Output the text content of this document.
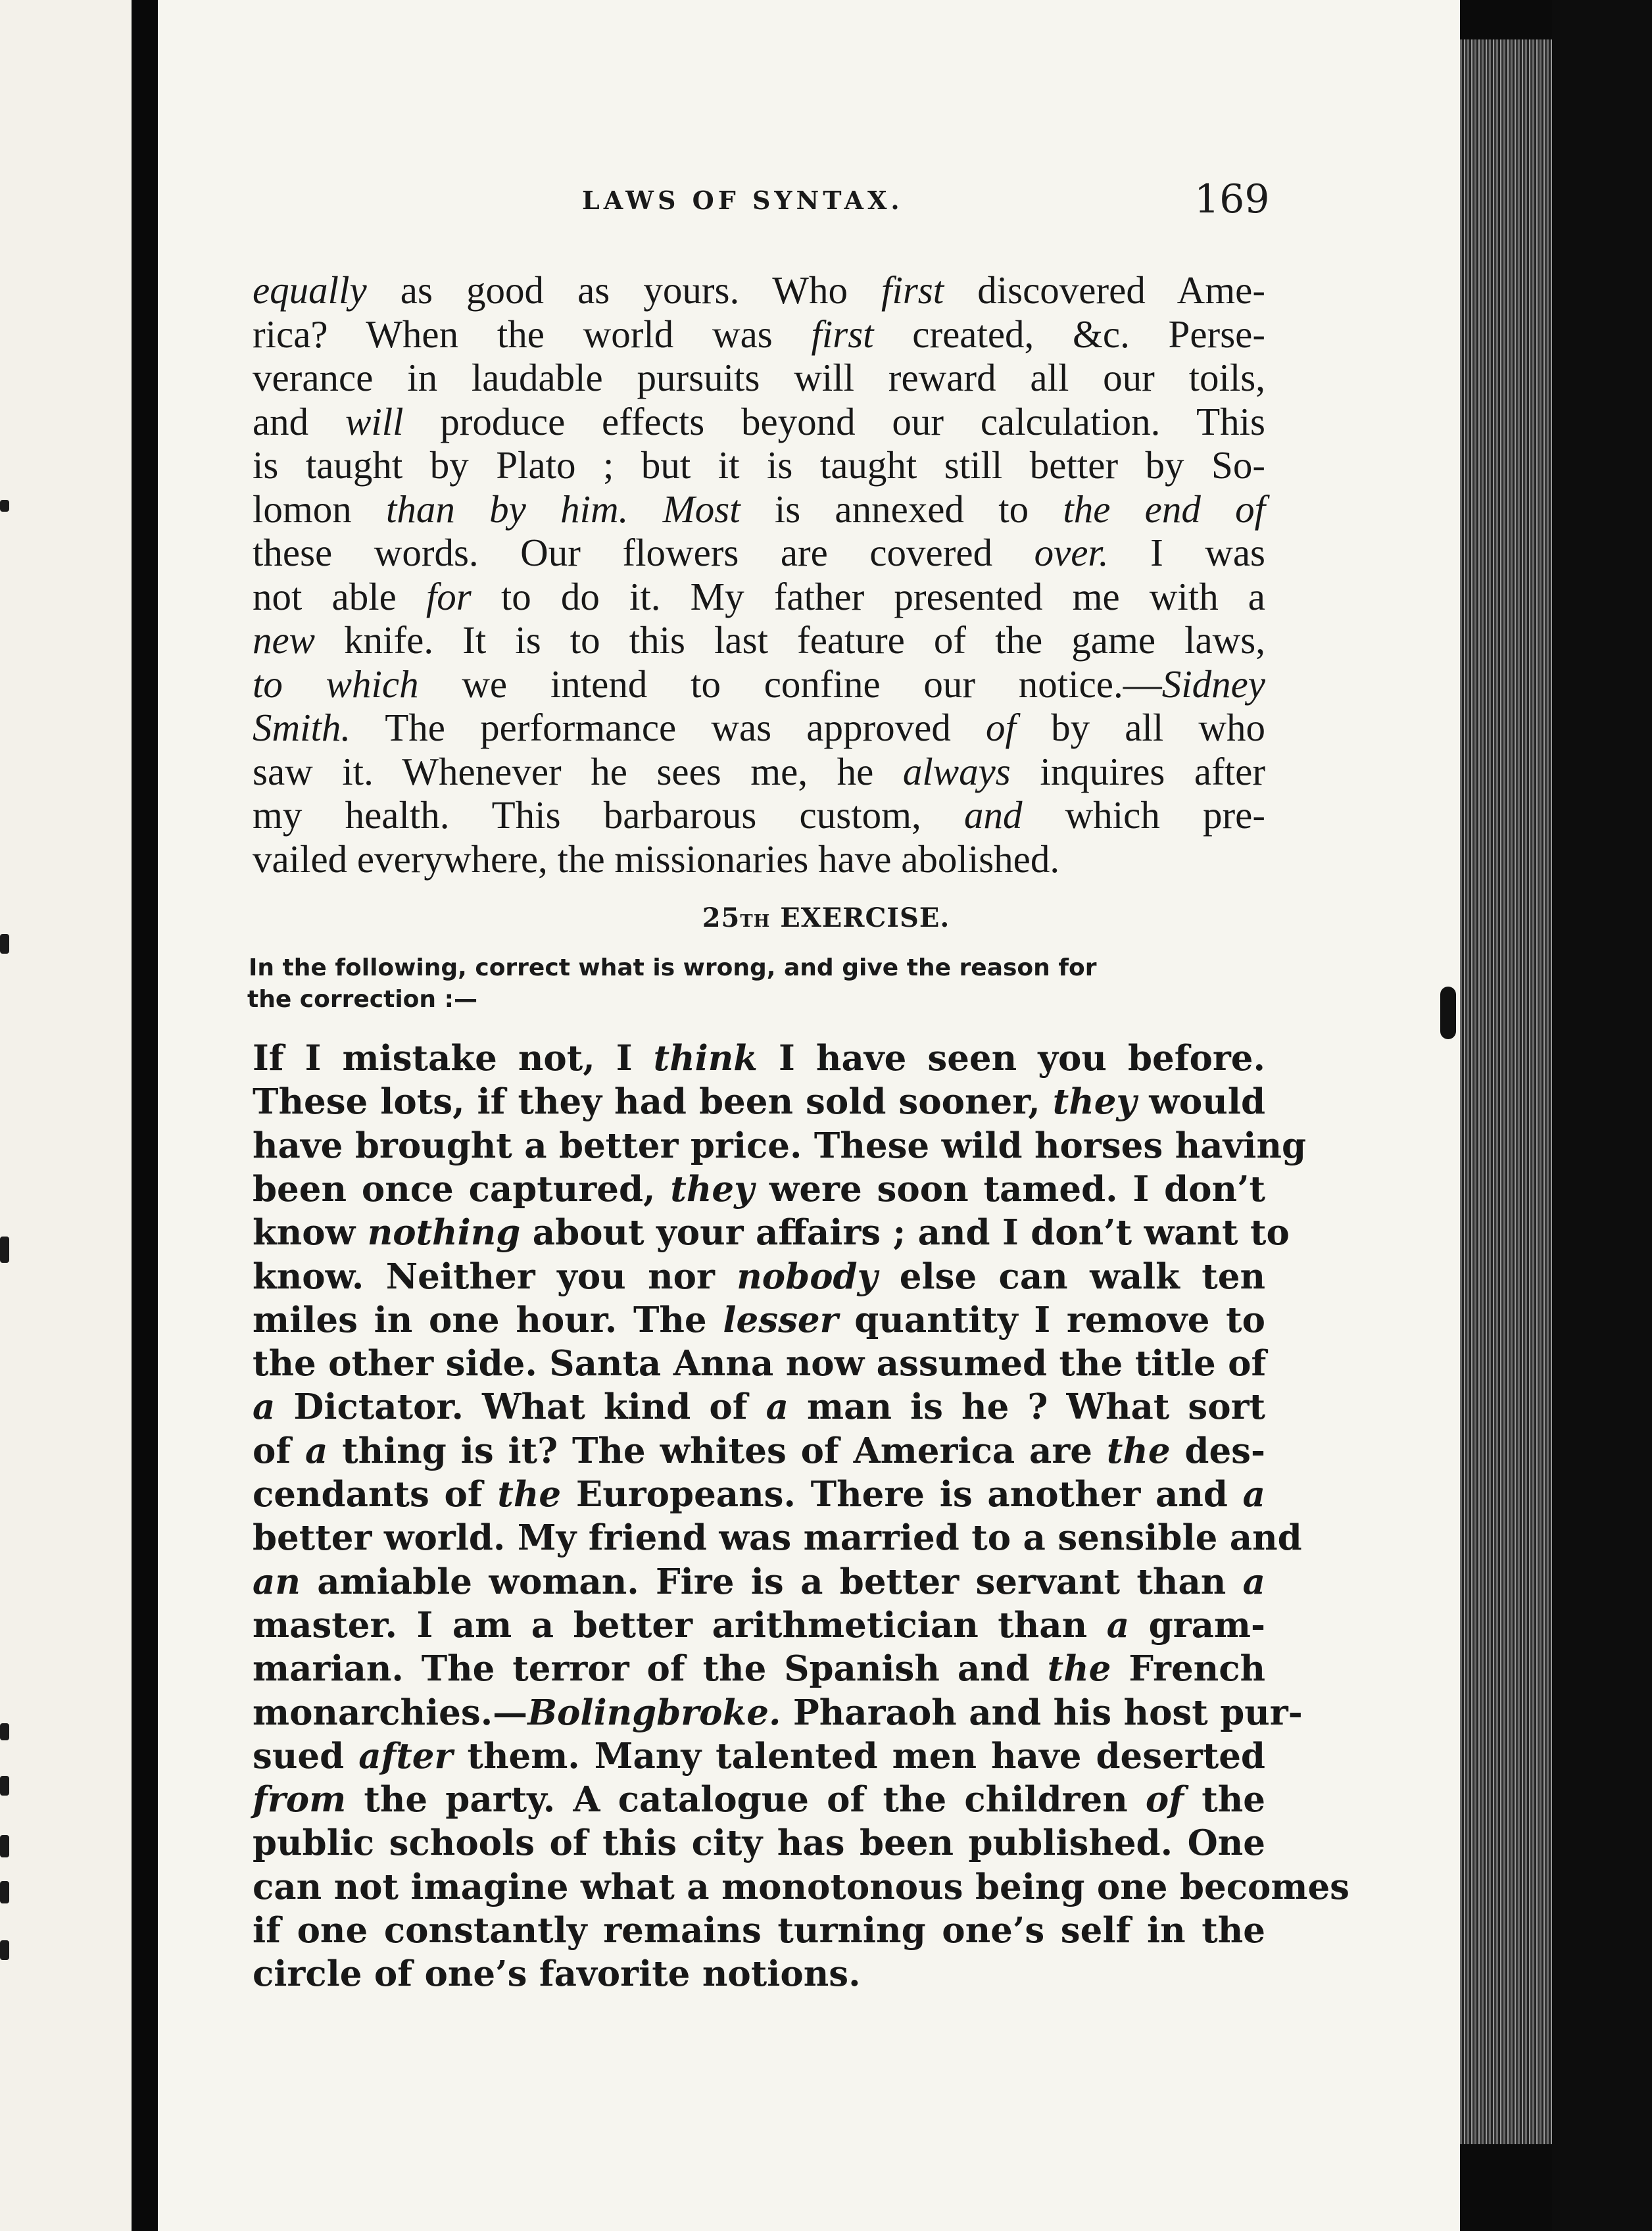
LAWS OF SYNTAX.	169
equally as good as yours. Who first discovered Ame-
rica? When the world was first created, &c. Perse-
verance in laudable pursuits will reward all our toils,
and will produce effects beyond our calculation. This
is taught by Plato ; but it is taught still better by So-
lomon than by him. Most is annexed to the end of
these words. Our flowers are covered over. I was
not able for to do it. My father presented me with a
new knife. It is to this last feature of the game laws,
to which we intend to confine our notice.—Sidney
Smith. The performance was approved of by all who
saw it. Whenever he sees me, he always inquires after
my health. This barbarous custom, and which pre-
vailed everywhere, the missionaries have abolished.
25TH EXERCISE.
In the following, correct what is wrong, and give the reason for
the correction :—
If I mistake not, I think I have seen you before.
These lots, if they had been sold sooner, they would
have brought a better price. These wild horses having
been once captured, they were soon tamed. I don’t
know nothing about your affairs ; and I don’t want to
know. Neither you nor nobody else can walk ten
miles in one hour. The lesser quantity I remove to
the other side. Santa Anna now assumed the title of
a Dictator. What kind of a man is he ? What sort
of a thing is it? The whites of America are the des-
cendants of the Europeans. There is another and a
better world. My friend was married to a sensible and
an amiable woman. Fire is a better servant than a
master. I am a better arithmetician than a gram-
marian. The terror of the Spanish and the French
monarchies.—Bolingbroke. Pharaoh and his host pur-
sued after them. Many talented men have deserted
from the party. A catalogue of the children of the
public schools of this city has been published. One
can not imagine what a monotonous being one becomes
if one constantly remains turning one’s self in the
circle of one’s favorite notions.
